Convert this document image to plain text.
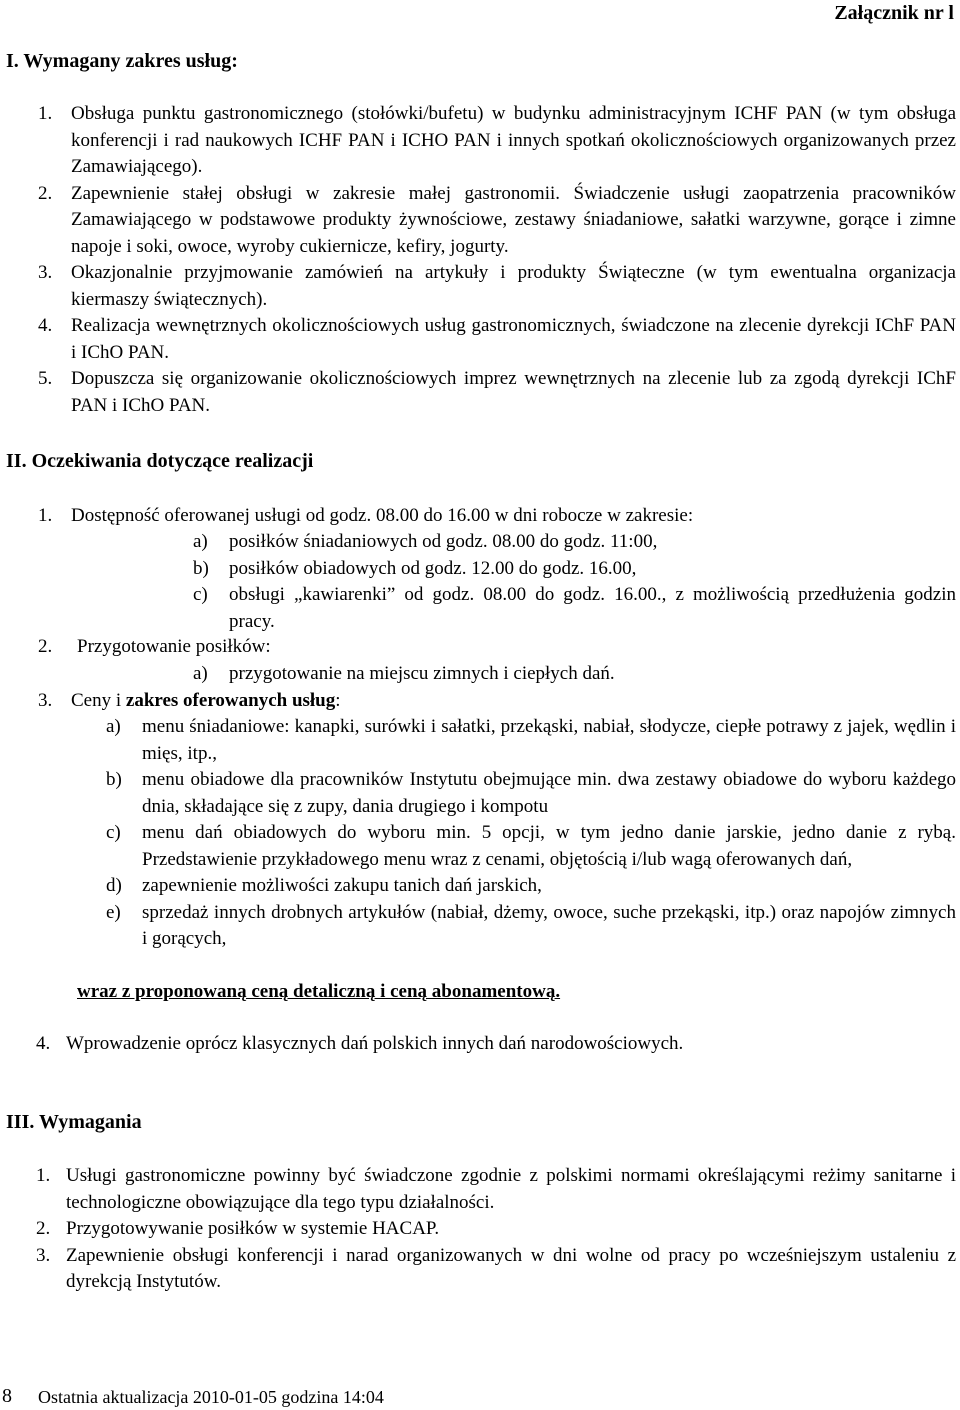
Załącznik nr l
I. Wymagany zakres usług:
1. Obsługa punktu gastronomicznego (stołówki/bufetu) w budynku administracyjnym ICHF PAN (w tym obsługa konferencji i rad naukowych ICHF PAN i ICHO PAN i innych spotkań okolicznościowych organizowanych przez Zamawiającego).
2. Zapewnienie stałej obsługi w zakresie małej gastronomii. Świadczenie usługi zaopatrzenia pracowników Zamawiającego w podstawowe produkty żywnościowe, zestawy śniadaniowe, sałatki warzywne, gorące i zimne napoje i soki, owoce, wyroby cukiernicze, kefiry, jogurty.
3. Okazjonalnie przyjmowanie zamówień na artykuły i produkty Świąteczne (w tym ewentualna organizacja kiermaszy świątecznych).
4. Realizacja wewnętrznych okolicznościowych usług gastronomicznych, świadczone na zlecenie dyrekcji IChF PAN i IChO PAN.
5. Dopuszcza się organizowanie okolicznościowych imprez wewnętrznych na zlecenie lub za zgodą dyrekcji IChF PAN i IChO PAN.
II. Oczekiwania dotyczące realizacji
1. Dostępność oferowanej usługi od godz. 08.00 do 16.00 w dni robocze w zakresie:
a) posiłków śniadaniowych od godz. 08.00 do godz. 11:00,
b) posiłków obiadowych od godz. 12.00 do godz. 16.00,
c) obsługi „kawiarenki” od godz. 08.00 do godz. 16.00., z możliwością przedłużenia godzin pracy.
2. Przygotowanie posiłków:
a) przygotowanie na miejscu zimnych i ciepłych dań.
3. Ceny i zakres oferowanych usług:
a) menu śniadaniowe: kanapki, surówki i sałatki, przekąski, nabiał, słodycze, ciepłe potrawy z jajek, wędlin i mięs, itp.,
b) menu obiadowe dla pracowników Instytutu obejmujące min. dwa zestawy obiadowe do wyboru każdego dnia, składające się z zupy, dania drugiego i kompotu
c) menu dań obiadowych do wyboru min. 5 opcji, w tym jedno danie jarskie, jedno danie z rybą. Przedstawienie przykładowego menu wraz z cenami, objętością i/lub wagą oferowanych dań,
d) zapewnienie możliwości zakupu tanich dań jarskich,
e) sprzedaż innych drobnych artykułów (nabiał, dżemy, owoce, suche przekąski, itp.) oraz napojów zimnych i gorących,
wraz z proponowaną ceną detaliczną i ceną abonamentową.
4. Wprowadzenie oprócz klasycznych dań polskich innych dań narodowościowych.
III. Wymagania
1. Usługi gastronomiczne powinny być świadczone zgodnie z polskimi normami określającymi reżimy sanitarne i technologiczne obowiązujące dla tego typu działalności.
2. Przygotowywanie posiłków w systemie HACAP.
3. Zapewnienie obsługi konferencji i narad organizowanych w dni wolne od pracy po wcześniejszym ustaleniu z dyrekcją Instytutów.
8 Ostatnia aktualizacja 2010-01-05 godzina 14:04
